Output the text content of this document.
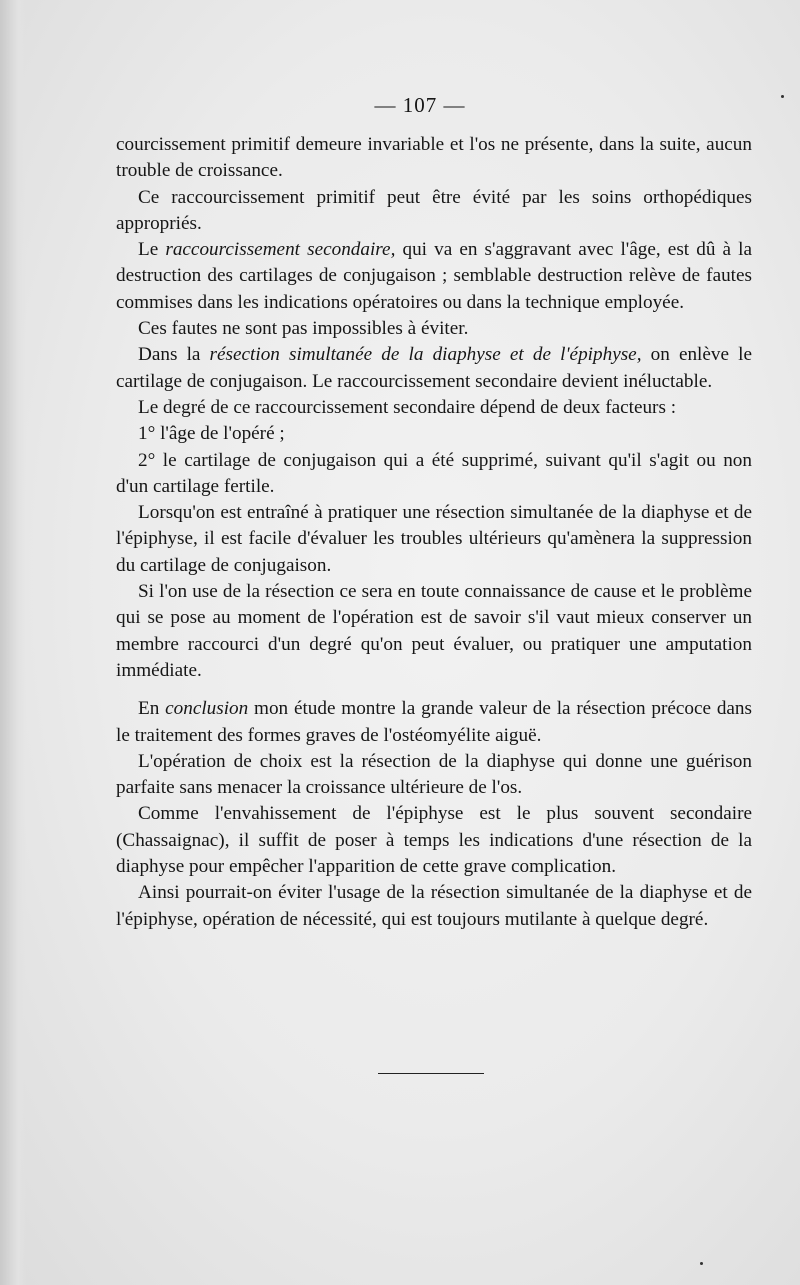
— 107 —

courcissement primitif demeure invariable et l'os ne présente, dans la suite, aucun trouble de croissance.

Ce raccourcissement primitif peut être évité par les soins orthopédiques appropriés.

Le raccourcissement secondaire, qui va en s'aggravant avec l'âge, est dû à la destruction des cartilages de conjugaison ; semblable destruction relève de fautes commises dans les indications opératoires ou dans la technique employée.

Ces fautes ne sont pas impossibles à éviter.

Dans la résection simultanée de la diaphyse et de l'épiphyse, on enlève le cartilage de conjugaison. Le raccourcissement secondaire devient inéluctable.

Le degré de ce raccourcissement secondaire dépend de deux facteurs :

1° l'âge de l'opéré ;

2° le cartilage de conjugaison qui a été supprimé, suivant qu'il s'agit ou non d'un cartilage fertile.

Lorsqu'on est entraîné à pratiquer une résection simultanée de la diaphyse et de l'épiphyse, il est facile d'évaluer les troubles ultérieurs qu'amènera la suppression du cartilage de conjugaison.

Si l'on use de la résection ce sera en toute connaissance de cause et le problème qui se pose au moment de l'opération est de savoir s'il vaut mieux conserver un membre raccourci d'un degré qu'on peut évaluer, ou pratiquer une amputation immédiate.

En conclusion mon étude montre la grande valeur de la résection précoce dans le traitement des formes graves de l'ostéomyélite aiguë.

L'opération de choix est la résection de la diaphyse qui donne une guérison parfaite sans menacer la croissance ultérieure de l'os.

Comme l'envahissement de l'épiphyse est le plus souvent secondaire (Chassaignac), il suffit de poser à temps les indications d'une résection de la diaphyse pour empêcher l'apparition de cette grave complication.

Ainsi pourrait-on éviter l'usage de la résection simultanée de la diaphyse et de l'épiphyse, opération de nécessité, qui est toujours mutilante à quelque degré.
